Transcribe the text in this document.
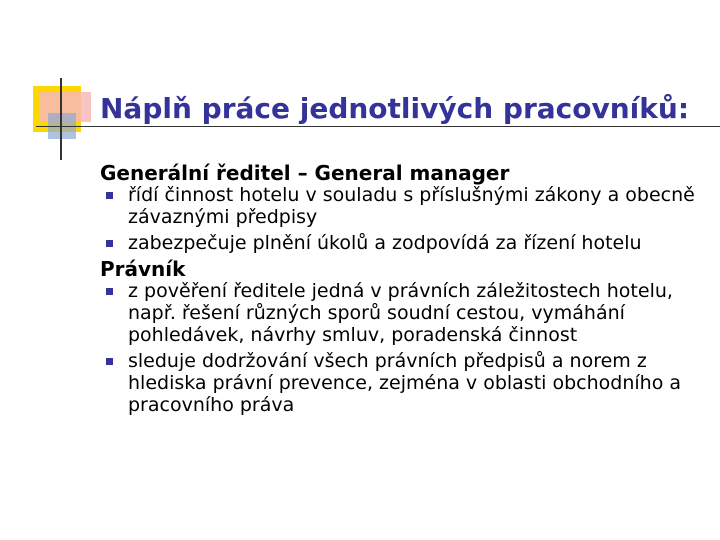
Náplň práce jednotlivých pracovníků:

Generální ředitel – General manager

řídí činnost hotelu v souladu s příslušnými zákony a obecně závaznými předpisy
zabezpečuje plnění úkolů a zodpovídá za řízení hotelu

Právník

z pověření ředitele jedná v právních záležitostech hotelu, např. řešení různých sporů soudní cestou, vymáhání pohledávek, návrhy smluv, poradenská činnost
sleduje dodržování všech právních předpisů a norem z hlediska právní prevence, zejména v oblasti obchodního a pracovního práva
